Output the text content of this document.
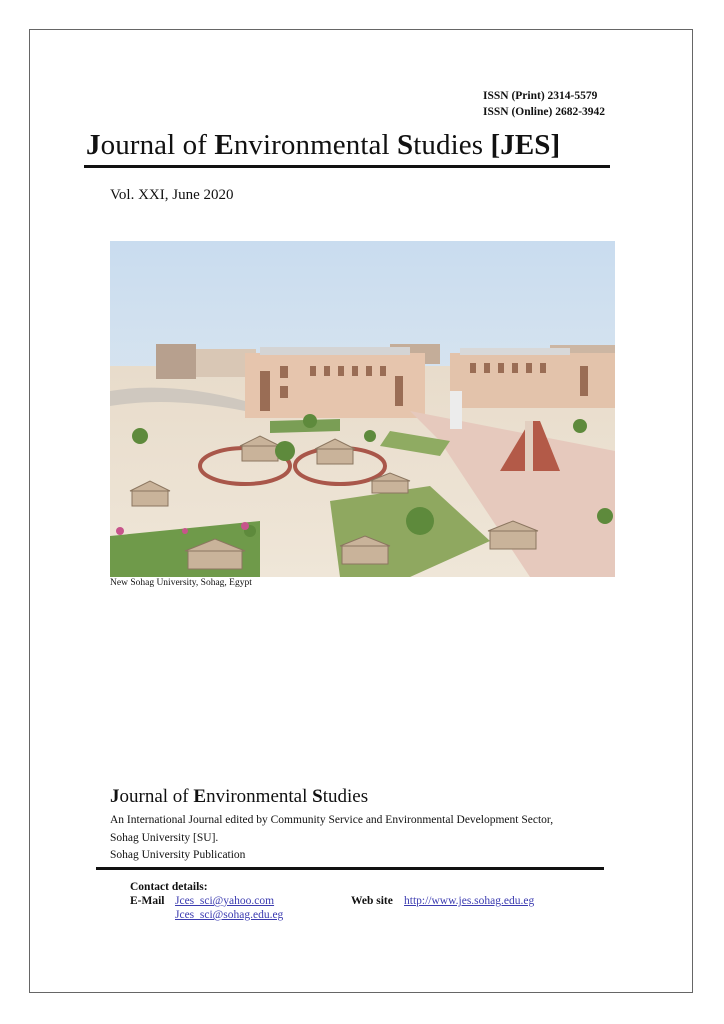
ISSN (Print) 2314-5579
ISSN (Online) 2682-3942
Journal of Environmental Studies [JES]
Vol. XXI, June 2020
New Sohag University, Sohag, Egypt
Journal of Environmental Studies
An International Journal edited by Community Service and Environmental Development Sector,
Sohag University [SU].
Sohag University Publication
Contact details:
E-Mail Jces_sci@yahoo.com
Jces_sci@sohag.edu.eg
Web site http://www.jes.sohag.edu.eg
